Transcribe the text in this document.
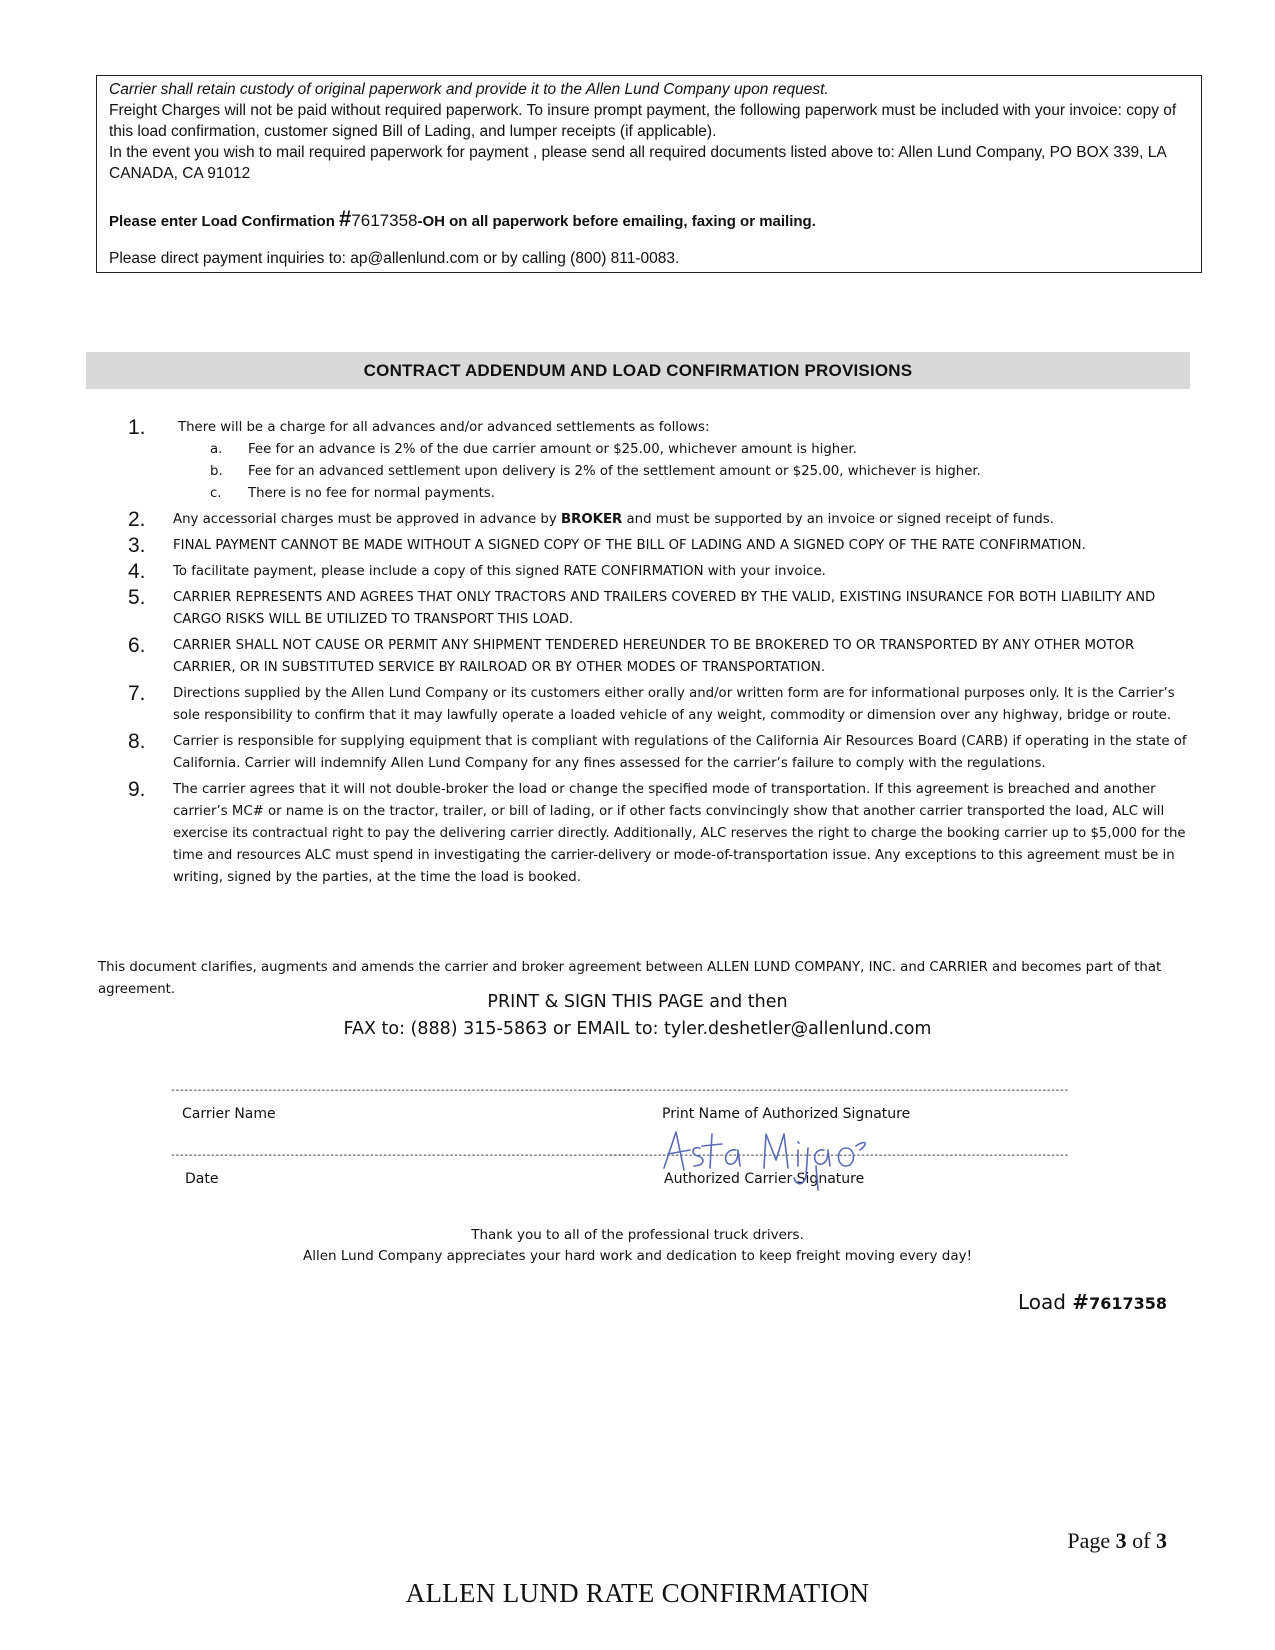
Carrier shall retain custody of original paperwork and provide it to the Allen Lund Company upon request.
Freight Charges will not be paid without required paperwork. To insure prompt payment, the following paperwork must be included with your invoice: copy of this load confirmation, customer signed Bill of Lading, and lumper receipts (if applicable).
In the event you wish to mail required paperwork for payment , please send all required documents listed above to: Allen Lund Company, PO BOX 339, LA CANADA, CA 91012
Please enter Load Confirmation #7617358-OH on all paperwork before emailing, faxing or mailing.
Please direct payment inquiries to: ap@allenlund.com or by calling (800) 811-0083.
CONTRACT ADDENDUM AND LOAD CONFIRMATION PROVISIONS
1.	There will be a charge for all advances and/or advanced settlements as follows:
a.	Fee for an advance is 2% of the due carrier amount or $25.00, whichever amount is higher.
b.	Fee for an advanced settlement upon delivery is 2% of the settlement amount or $25.00, whichever is higher.
c.	There is no fee for normal payments.
2.	Any accessorial charges must be approved in advance by BROKER and must be supported by an invoice or signed receipt of funds.
3.	FINAL PAYMENT CANNOT BE MADE WITHOUT A SIGNED COPY OF THE BILL OF LADING AND A SIGNED COPY OF THE RATE CONFIRMATION.
4.	To facilitate payment, please include a copy of this signed RATE CONFIRMATION with your invoice.
5.	CARRIER REPRESENTS AND AGREES THAT ONLY TRACTORS AND TRAILERS COVERED BY THE VALID, EXISTING INSURANCE FOR BOTH LIABILITY AND CARGO RISKS WILL BE UTILIZED TO TRANSPORT THIS LOAD.
6.	CARRIER SHALL NOT CAUSE OR PERMIT ANY SHIPMENT TENDERED HEREUNDER TO BE BROKERED TO OR TRANSPORTED BY ANY OTHER MOTOR CARRIER, OR IN SUBSTITUTED SERVICE BY RAILROAD OR BY OTHER MODES OF TRANSPORTATION.
7.	Directions supplied by the Allen Lund Company or its customers either orally and/or written form are for informational purposes only. It is the Carrier’s sole responsibility to confirm that it may lawfully operate a loaded vehicle of any weight, commodity or dimension over any highway, bridge or route.
8.	Carrier is responsible for supplying equipment that is compliant with regulations of the California Air Resources Board (CARB) if operating in the state of California. Carrier will indemnify Allen Lund Company for any fines assessed for the carrier’s failure to comply with the regulations.
9.	The carrier agrees that it will not double-broker the load or change the specified mode of transportation. If this agreement is breached and another carrier’s MC# or name is on the tractor, trailer, or bill of lading, or if other facts convincingly show that another carrier transported the load, ALC will exercise its contractual right to pay the delivering carrier directly. Additionally, ALC reserves the right to charge the booking carrier up to $5,000 for the time and resources ALC must spend in investigating the carrier-delivery or mode-of-transportation issue. Any exceptions to this agreement must be in writing, signed by the parties, at the time the load is booked.
This document clarifies, augments and amends the carrier and broker agreement between ALLEN LUND COMPANY, INC. and CARRIER and becomes part of that agreement.
PRINT & SIGN THIS PAGE and then
FAX to: (888) 315-5863 or EMAIL to: tyler.deshetler@allenlund.com
--------------------------------------------------------------------------------------------------------
--------------------------------------------------------------------------------------------------------
Carrier Name	Print Name of Authorized Signature
--------------------------------------------------------------------------------------------------------
--------------------------------------------------------------------------------------------------------
Date	Authorized Carrier Signature
Thank you to all of the professional truck drivers.
Allen Lund Company appreciates your hard work and dedication to keep freight moving every day!
Load #7617358
Page 3 of 3
ALLEN LUND RATE CONFIRMATION
